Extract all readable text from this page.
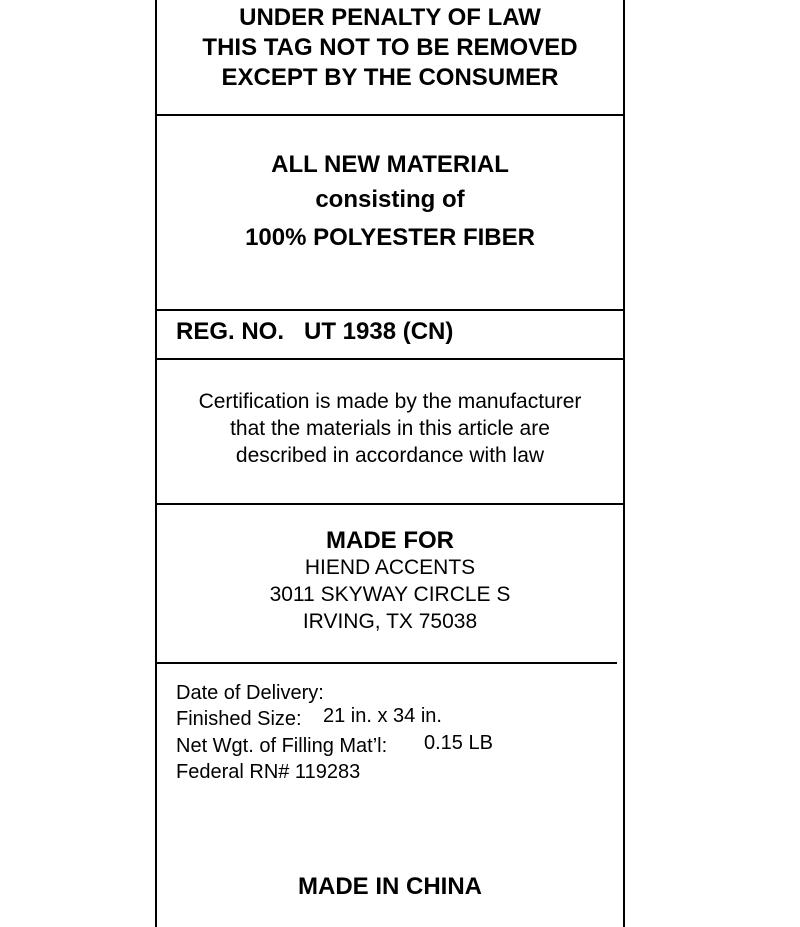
UNDER PENALTY OF LAW
THIS TAG NOT TO BE REMOVED
EXCEPT BY THE CONSUMER
ALL NEW MATERIAL
consisting of
100% POLYESTER FIBER
REG. NO. UT 1938 (CN)
Certification is made by the manufacturer
that the materials in this article are
described in accordance with law
MADE FOR
HIEND ACCENTS
3011 SKYWAY CIRCLE S
IRVING, TX 75038
Date of Delivery:
Finished Size: 21 in. x 34 in.
Net Wgt. of Filling Mat’l: 0.15 LB
Federal RN# 119283
MADE IN CHINA
